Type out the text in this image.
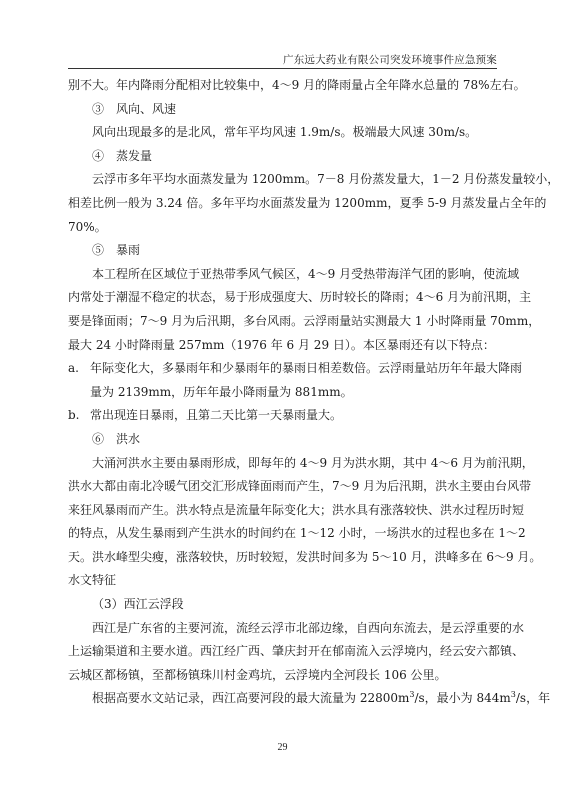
广东远大药业有限公司突发环境事件应急预案

别不大。年内降雨分配相对比较集中，4～9 月的降雨量占全年降水总量的 78%左右。

③　风向、风速

风向出现最多的是北风，常年平均风速 1.9m/s。极端最大风速 30m/s。

④　蒸发量

云浮市多年平均水面蒸发量为 1200mm。7－8 月份蒸发量大，1－2 月份蒸发量较小，

相差比例一般为 3.24 倍。多年平均水面蒸发量为 1200mm，夏季 5-9 月蒸发量占全年的

70%。

⑤　暴雨

本工程所在区域位于亚热带季风气候区，4～9 月受热带海洋气团的影响，使流域

内常处于潮湿不稳定的状态，易于形成强度大、历时较长的降雨；4～6 月为前汛期，主

要是锋面雨；7～9 月为后汛期，多台风雨。云浮雨量站实测最大 1 小时降雨量 70mm，

最大 24 小时降雨量 257mm（1976 年 6 月 29 日）。本区暴雨还有以下特点：

a. 年际变化大，多暴雨年和少暴雨年的暴雨日相差数倍。云浮雨量站历年年最大降雨

量为 2139mm，历年年最小降雨量为 881mm。

b. 常出现连日暴雨，且第二天比第一天暴雨量大。

⑥　洪水

大涌河洪水主要由暴雨形成，即每年的 4～9 月为洪水期，其中 4～6 月为前汛期，

洪水大都由南北冷暖气团交汇形成锋面雨而产生，7～9 月为后汛期，洪水主要由台风带

来狂风暴雨而产生。洪水特点是流量年际变化大；洪水具有涨落较快、洪水过程历时短

的特点，从发生暴雨到产生洪水的时间约在 1～12 小时，一场洪水的过程也多在 1～2

天。洪水峰型尖瘦，涨落较快，历时较短，发洪时间多为 5～10 月，洪峰多在 6～9 月。

水文特征

（3）西江云浮段

西江是广东省的主要河流，流经云浮市北部边缘，自西向东流去，是云浮重要的水

上运输渠道和主要水道。西江经广西、肇庆封开在郁南流入云浮境内，经云安六都镇、

云城区都杨镇，至都杨镇珠川村金鸡坑，云浮境内全河段长 106 公里。

根据高要水文站记录，西江高要河段的最大流量为 $22800m^3/s$，最小为 $844m^3/s$，年

29
